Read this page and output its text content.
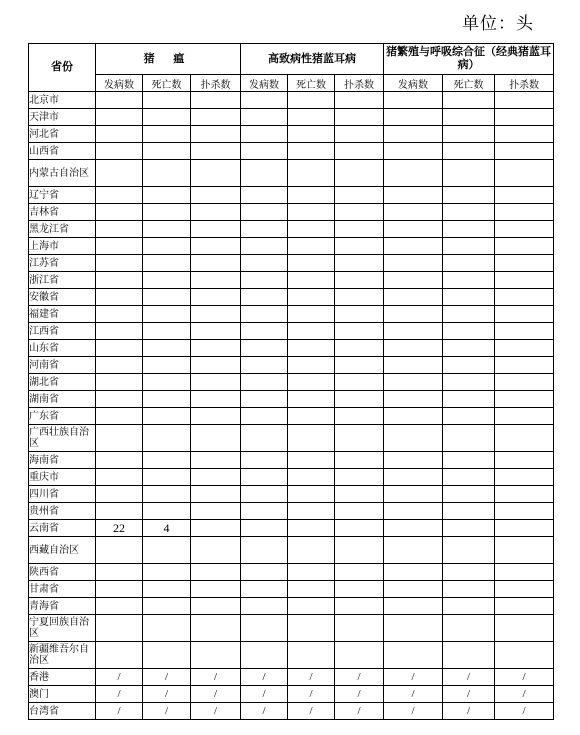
单位：头
省份	猪 瘟			高致病性猪蓝耳病			猪繁殖与呼吸综合征（经典猪蓝耳病）		
	发病数	死亡数	扑杀数	发病数	死亡数	扑杀数	发病数	死亡数	扑杀数
北京市									
天津市									
河北省									
山西省									
内蒙古自治区									
辽宁省									
吉林省									
黑龙江省									
上海市									
江苏省									
浙江省									
安徽省									
福建省									
江西省									
山东省									
河南省									
湖北省									
湖南省									
广东省									
广西壮族自治区									
海南省									
重庆市									
四川省									
贵州省									
云南省	22	4							
西藏自治区									
陕西省									
甘肃省									
青海省									
宁夏回族自治区									
新疆维吾尔自治区									
香港	/	/	/	/	/	/	/	/	/
澳门	/	/	/	/	/	/	/	/	/
台湾省	/	/	/	/	/	/	/	/	/
